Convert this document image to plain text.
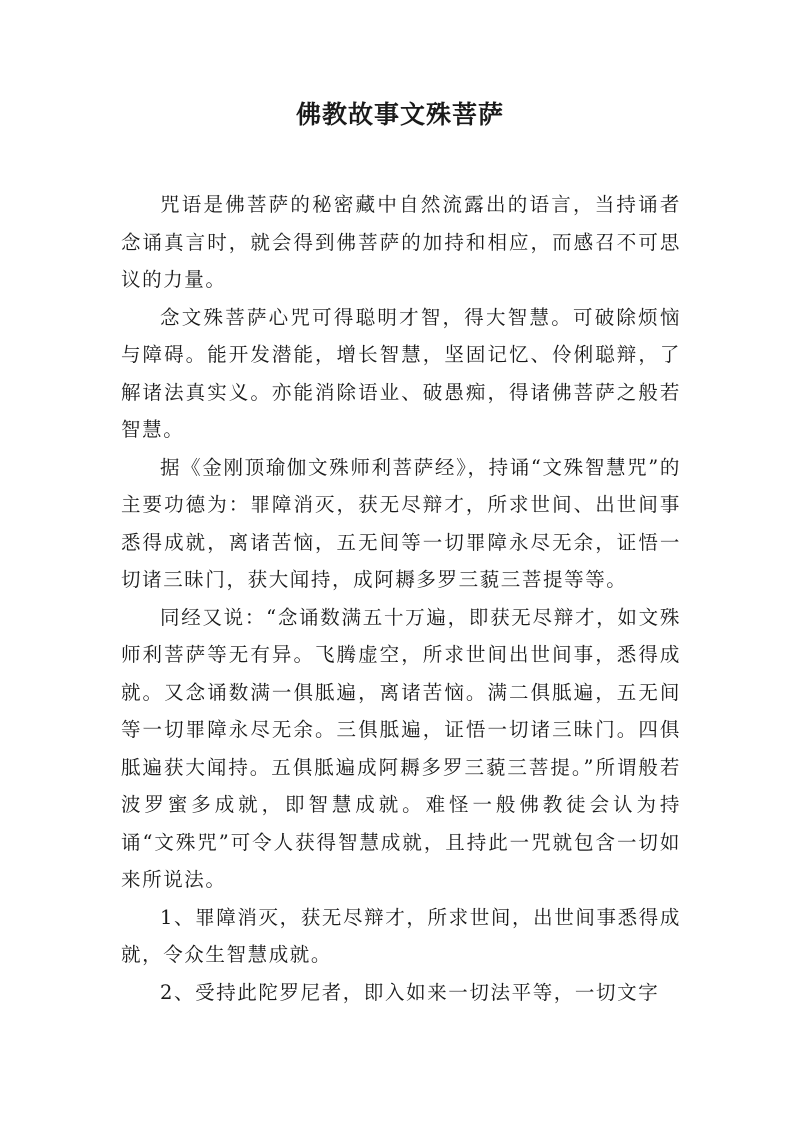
佛教故事文殊菩萨

咒语是佛菩萨的秘密藏中自然流露出的语言，当持诵者念诵真言时，就会得到佛菩萨的加持和相应，而感召不可思议的力量。

念文殊菩萨心咒可得聪明才智，得大智慧。可破除烦恼与障碍。能开发潜能，增长智慧，坚固记忆、伶俐聪辩，了解诸法真实义。亦能消除语业、破愚痴，得诸佛菩萨之般若智慧。

据《金刚顶瑜伽文殊师利菩萨经》，持诵“文殊智慧咒”的主要功德为：罪障消灭，获无尽辩才，所求世间、出世间事悉得成就，离诸苦恼，五无间等一切罪障永尽无余，证悟一切诸三昧门，获大闻持，成阿耨多罗三藐三菩提等等。

同经又说：“念诵数满五十万遍，即获无尽辩才，如文殊师利菩萨等无有异。飞腾虚空，所求世间出世间事，悉得成就。又念诵数满一俱胝遍，离诸苦恼。满二俱胝遍，五无间等一切罪障永尽无余。三俱胝遍，证悟一切诸三昧门。四俱胝遍获大闻持。五俱胝遍成阿耨多罗三藐三菩提。”所谓般若波罗蜜多成就，即智慧成就。难怪一般佛教徒会认为持诵“文殊咒”可令人获得智慧成就，且持此一咒就包含一切如来所说法。

1、罪障消灭，获无尽辩才，所求世间，出世间事悉得成就，令众生智慧成就。

2、受持此陀罗尼者，即入如来一切法平等，一切文字
